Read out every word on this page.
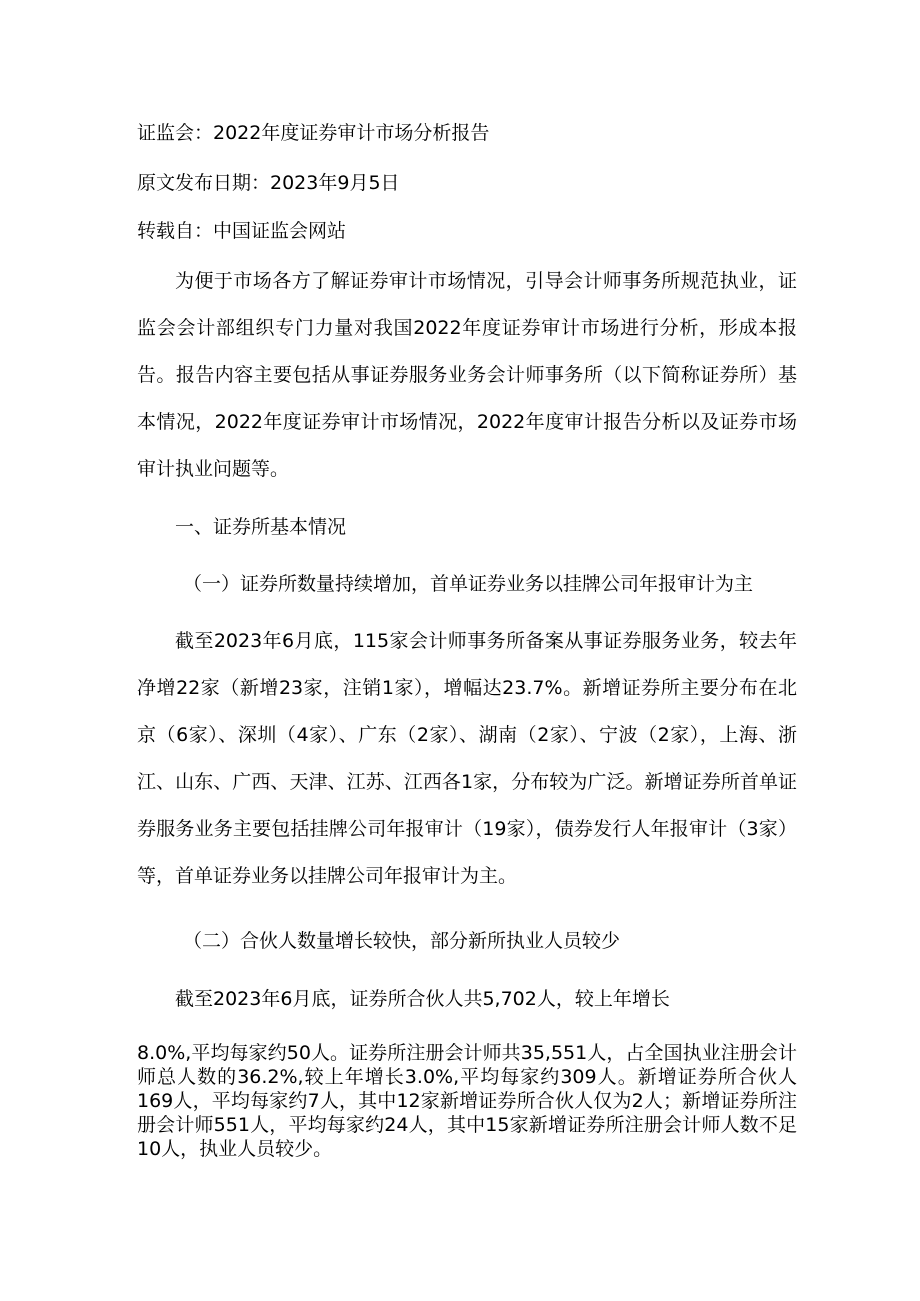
证监会：2022年度证券审计市场分析报告

原文发布日期：2023年9月5日

转载自：中国证监会网站

为便于市场各方了解证券审计市场情况，引导会计师事务所规范执业，证监会会计部组织专门力量对我国2022年度证券审计市场进行分析，形成本报告。报告内容主要包括从事证券服务业务会计师事务所（以下简称证券所）基本情况，2022年度证券审计市场情况，2022年度审计报告分析以及证券市场审计执业问题等。

一、证券所基本情况

（一）证券所数量持续增加，首单证券业务以挂牌公司年报审计为主

截至2023年6月底，115家会计师事务所备案从事证券服务业务，较去年净增22家（新增23家，注销1家），增幅达23.7%。新增证券所主要分布在北京（6家）、深圳（4家）、广东（2家）、湖南（2家）、宁波（2家），上海、浙江、山东、广西、天津、江苏、江西各1家，分布较为广泛。新增证券所首单证券服务业务主要包括挂牌公司年报审计（19家），债券发行人年报审计（3家）等，首单证券业务以挂牌公司年报审计为主。

（二）合伙人数量增长较快，部分新所执业人员较少

截至2023年6月底，证券所合伙人共5,702人，较上年增长

8.0%,平均每家约50人。证券所注册会计师共35,551人，占全国执业注册会计师总人数的36.2%,较上年增长3.0%,平均每家约309人。新增证券所合伙人169人，平均每家约7人，其中12家新增证券所合伙人仅为2人；新增证券所注册会计师551人，平均每家约24人，其中15家新增证券所注册会计师人数不足10人，执业人员较少。
